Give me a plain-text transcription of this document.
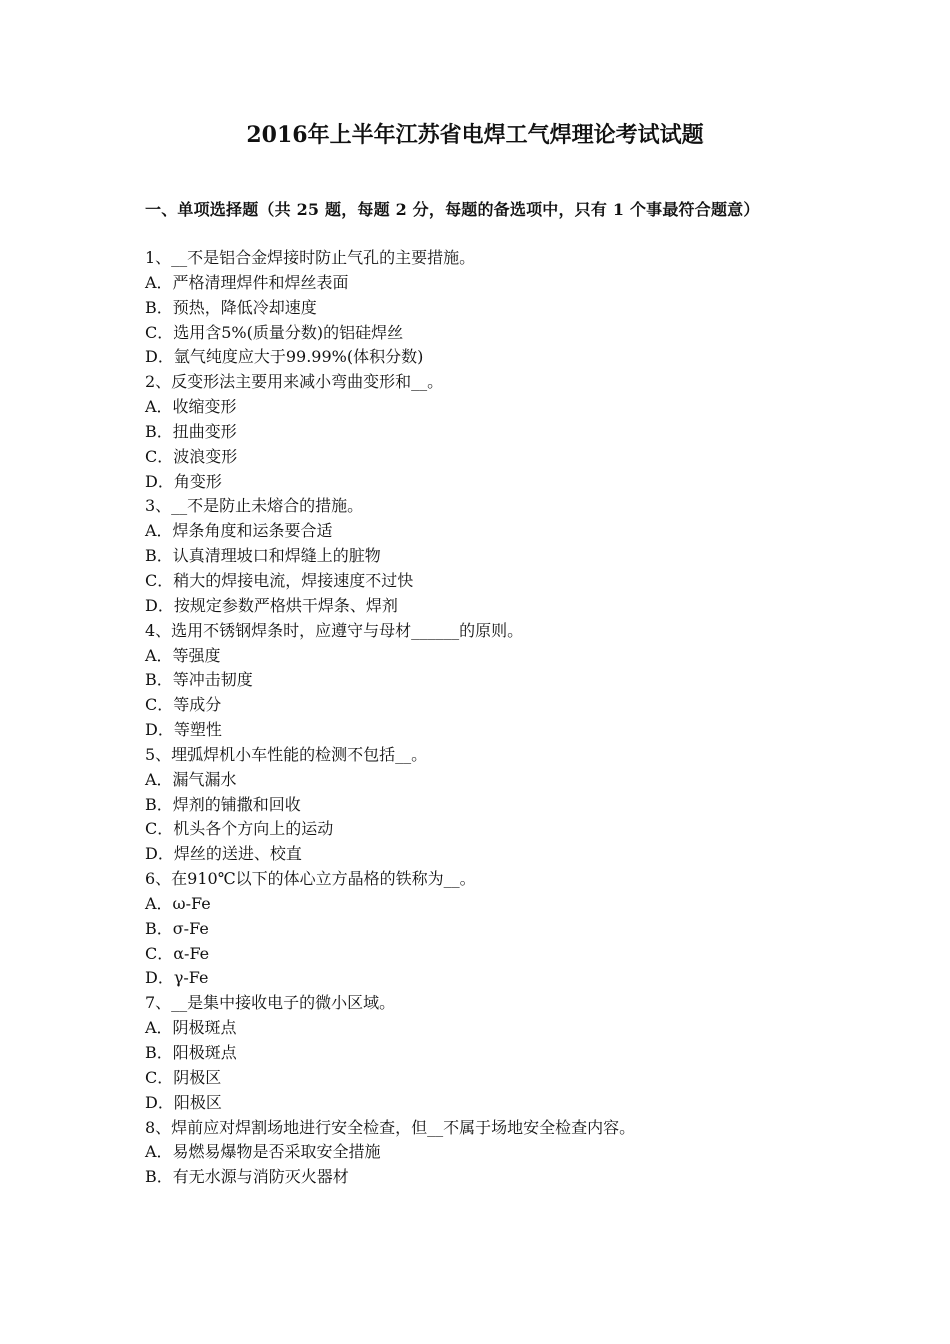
2016年上半年江苏省电焊工气焊理论考试试题
一、单项选择题（共 25 题，每题 2 分，每题的备选项中，只有 1 个事最符合题意）
1、__不是铝合金焊接时防止气孔的主要措施。
A．严格清理焊件和焊丝表面
B．预热，降低冷却速度
C．选用含5%(质量分数)的铝硅焊丝
D．氩气纯度应大于99.99%(体积分数)
2、反变形法主要用来减小弯曲变形和__。
A．收缩变形
B．扭曲变形
C．波浪变形
D．角变形
3、__不是防止未熔合的措施。
A．焊条角度和运条要合适
B．认真清理坡口和焊缝上的脏物
C．稍大的焊接电流，焊接速度不过快
D．按规定参数严格烘干焊条、焊剂
4、选用不锈钢焊条时，应遵守与母材______的原则。
A．等强度
B．等冲击韧度
C．等成分
D．等塑性
5、埋弧焊机小车性能的检测不包括__。
A．漏气漏水
B．焊剂的铺撒和回收
C．机头各个方向上的运动
D．焊丝的送进、校直
6、在910℃以下的体心立方晶格的铁称为__。
A．ω-Fe
B．σ-Fe
C．α-Fe
D．γ-Fe
7、__是集中接收电子的微小区域。
A．阴极斑点
B．阳极斑点
C．阴极区
D．阳极区
8、焊前应对焊割场地进行安全检查，但__不属于场地安全检查内容。
A．易燃易爆物是否采取安全措施
B．有无水源与消防灭火器材
